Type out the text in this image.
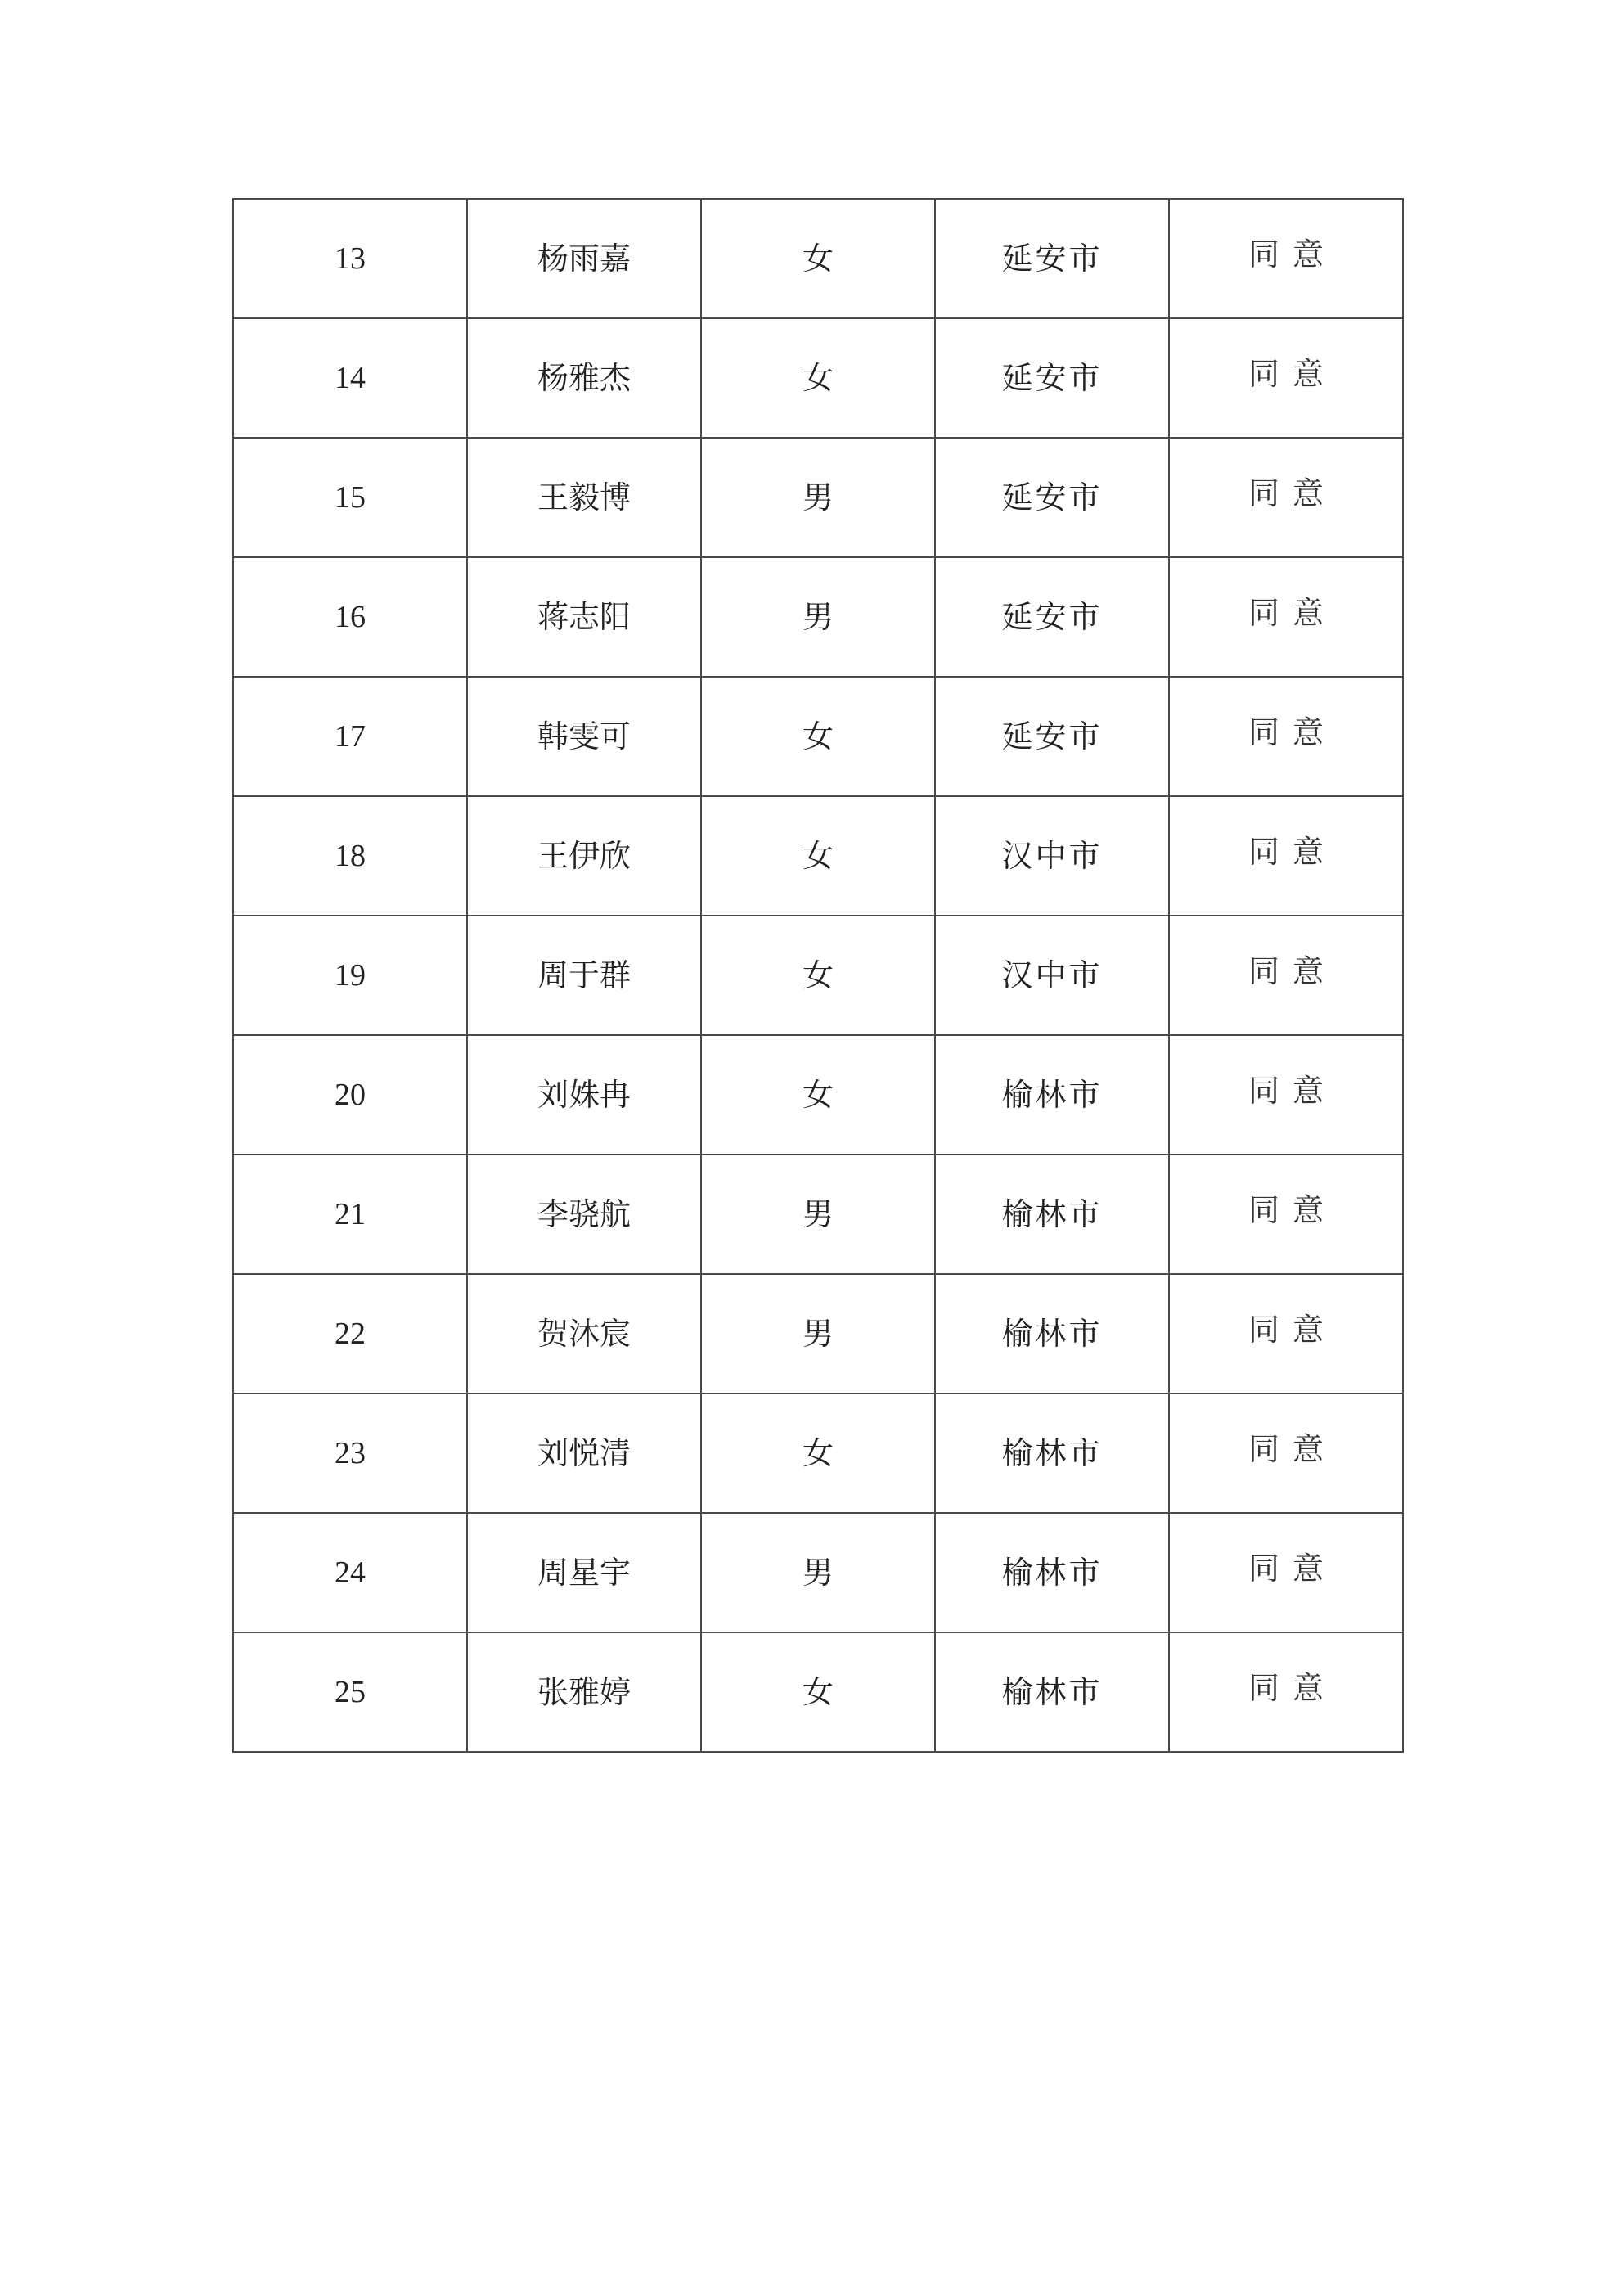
13	杨雨嘉	女	延安市	同意
14	杨雅杰	女	延安市	同意
15	王毅博	男	延安市	同意
16	蒋志阳	男	延安市	同意
17	韩雯可	女	延安市	同意
18	王伊欣	女	汉中市	同意
19	周于群	女	汉中市	同意
20	刘姝冉	女	榆林市	同意
21	李骁航	男	榆林市	同意
22	贺沐宸	男	榆林市	同意
23	刘悦清	女	榆林市	同意
24	周星宇	男	榆林市	同意
25	张雅婷	女	榆林市	同意
